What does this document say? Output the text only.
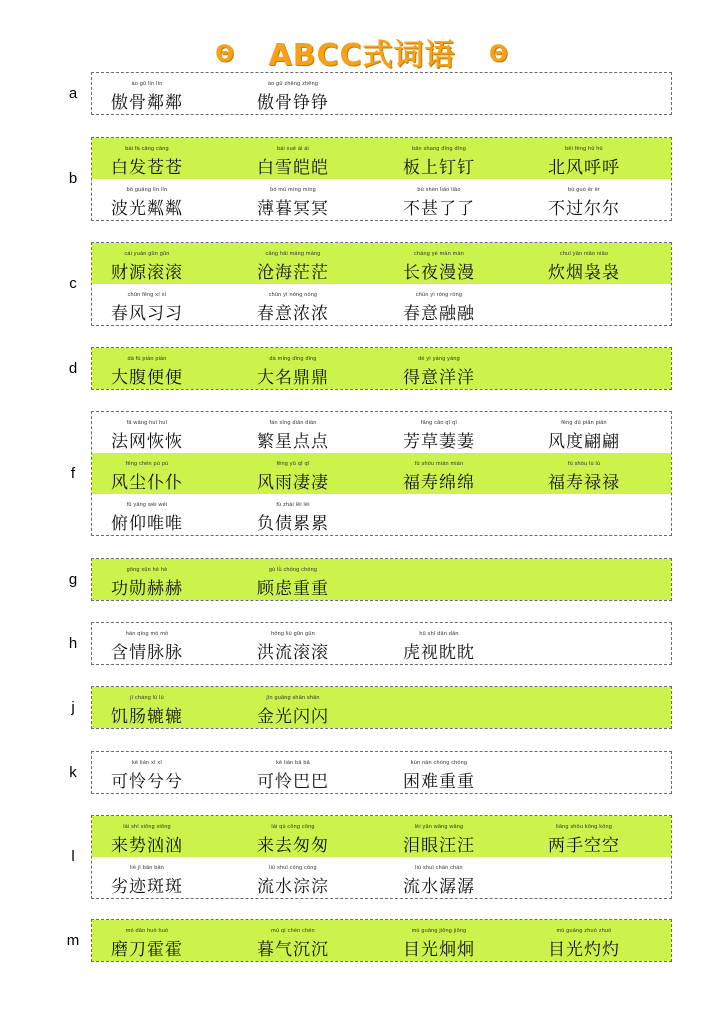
Θ ABCC式词语 Θ
a
ào gǔ lín lín
傲骨鄰鄰
ào gǔ zhēng zhēng
傲骨铮铮
b
bái fà cāng cāng
白发苍苍
bái xuě ái ái
白雪皑皑
bǎn shang dīng dīng
板上钉钉
běi fēng hū hū
北风呼呼
bō guāng lín lín
波光粼粼
bó mù míng míng
薄暮冥冥
bú shèn liǎo liǎo
不甚了了
bú guò ěr ěr
不过尔尔
c
cái yuán gǔn gǔn
财源滚滚
cāng hǎi máng máng
沧海茫茫
cháng yè màn màn
长夜漫漫
chuī yān niǎo niǎo
炊烟袅袅
chūn fēng xí xí
春风习习
chūn yì nóng nóng
春意浓浓
chūn yì róng róng
春意融融
d
dà fù pián pián
大腹便便
dà míng dǐng dǐng
大名鼎鼎
dé yì yáng yáng
得意洋洋
f
fǎ wǎng huī huī
法网恢恢
fán xīng diǎn diǎn
繁星点点
fāng cǎo qī qī
芳草萋萋
fēng dù piān piān
风度翩翩
fēng chén pú pú
风尘仆仆
fēng yǔ qī qī
风雨凄凄
fú shòu mián mián
福寿绵绵
fú shòu lù lù
福寿禄禄
fǔ yǎng wéi wéi
俯仰唯唯
fù zhài lěi lěi
负债累累
g
gōng xūn hè hè
功勋赫赫
gù lǜ chóng chóng
顾虑重重
h
hán qíng mò mò
含情脉脉
hóng liú gǔn gǔn
洪流滚滚
hǔ shì dān dān
虎视眈眈
j
jī cháng lù lù
饥肠辘辘
jīn guāng shǎn shǎn
金光闪闪
k
kě lián xī xī
可怜兮兮
kě lián bā bā
可怜巴巴
kùn nán chóng chóng
困难重重
l
lái shì xiōng xiōng
来势汹汹
lái qù cōng cōng
来去匆匆
lèi yǎn wāng wāng
泪眼汪汪
liǎng shǒu kōng kōng
两手空空
liè jì bān bān
劣迹斑斑
liú shuǐ cóng cóng
流水淙淙
liú shuǐ chán chán
流水潺潺
m
mó dāo huò huò
磨刀霍霍
mù qì chén chén
暮气沉沉
mù guāng jiǒng jiǒng
目光炯炯
mù guāng zhuó zhuó
目光灼灼
